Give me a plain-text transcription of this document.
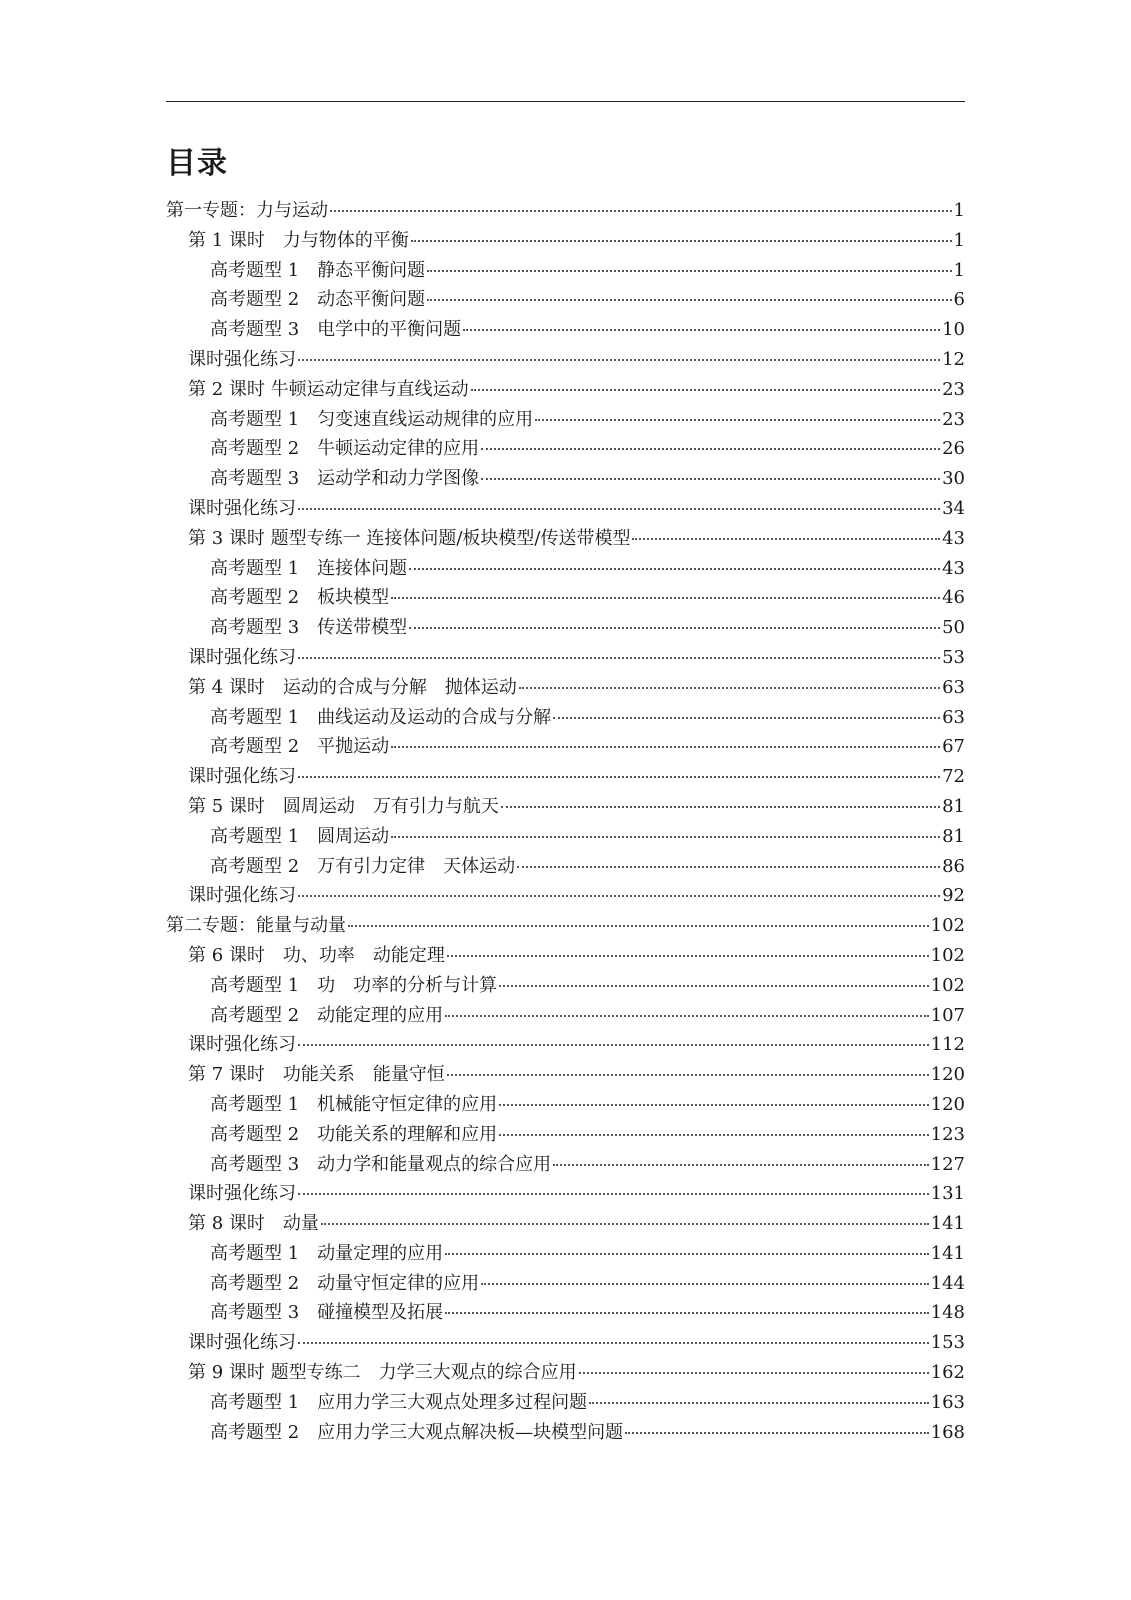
目录
第一专题：力与运动	1
第 1 课时　力与物体的平衡	1
高考题型 1　静态平衡问题	1
高考题型 2　动态平衡问题	6
高考题型 3　电学中的平衡问题	10
课时强化练习	12
第 2 课时 牛顿运动定律与直线运动	23
高考题型 1　匀变速直线运动规律的应用	23
高考题型 2　牛顿运动定律的应用	26
高考题型 3　运动学和动力学图像	30
课时强化练习	34
第 3 课时 题型专练一 连接体问题/板块模型/传送带模型	43
高考题型 1　连接体问题	43
高考题型 2　板块模型	46
高考题型 3　传送带模型	50
课时强化练习	53
第 4 课时　运动的合成与分解　抛体运动	63
高考题型 1　曲线运动及运动的合成与分解	63
高考题型 2　平抛运动	67
课时强化练习	72
第 5 课时　圆周运动　万有引力与航天	81
高考题型 1　圆周运动	81
高考题型 2　万有引力定律　天体运动	86
课时强化练习	92
第二专题：能量与动量	102
第 6 课时　功、功率　动能定理	102
高考题型 1　功　功率的分析与计算	102
高考题型 2　动能定理的应用	107
课时强化练习	112
第 7 课时　功能关系　能量守恒	120
高考题型 1　机械能守恒定律的应用	120
高考题型 2　功能关系的理解和应用	123
高考题型 3　动力学和能量观点的综合应用	127
课时强化练习	131
第 8 课时　动量	141
高考题型 1　动量定理的应用	141
高考题型 2　动量守恒定律的应用	144
高考题型 3　碰撞模型及拓展	148
课时强化练习	153
第 9 课时 题型专练二　力学三大观点的综合应用	162
高考题型 1　应用力学三大观点处理多过程问题	163
高考题型 2　应用力学三大观点解决板—块模型问题	168
